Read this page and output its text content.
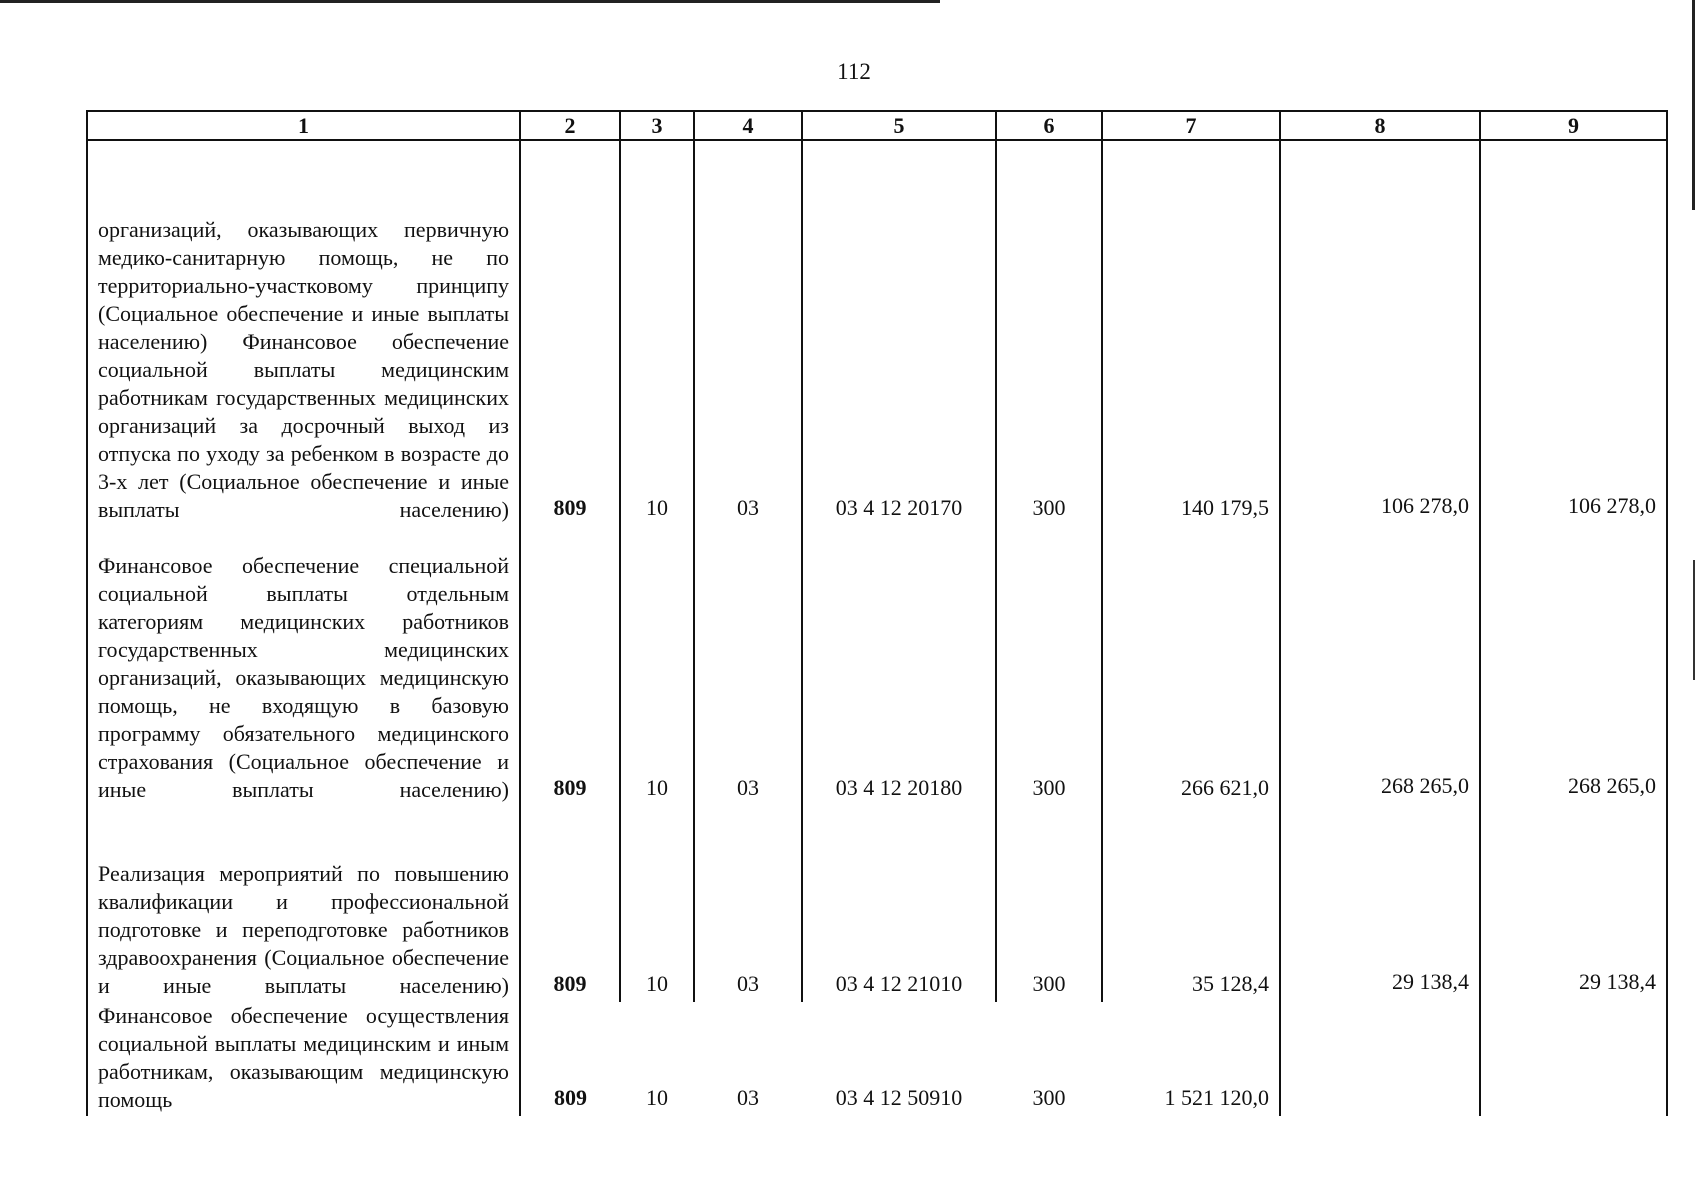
112
1	2	3	4	5	6	7	8	9
организаций, оказывающих первичную медико-санитарную помощь, не по территориально-участковому принципу (Социальное обеспечение и иные выплаты населению) Финансовое обеспечение социальной выплаты медицинским работникам государственных медицинских организаций за досрочный выход из отпуска по уходу за ребенком в возрасте до 3-х лет (Социальное обеспечение и иные выплаты населению)	809	10	03	03 4 12 20170	300	140 179,5	106 278,0	106 278,0
Финансовое обеспечение специальной социальной выплаты отдельным категориям медицинских работников государственных медицинских организаций, оказывающих медицинскую помощь, не входящую в базовую программу обязательного медицинского страхования (Социальное обеспечение и иные выплаты населению)	809	10	03	03 4 12 20180	300	266 621,0	268 265,0	268 265,0
Реализация мероприятий по повышению квалификации и профессиональной подготовке и переподготовке работников здравоохранения (Социальное обеспечение и иные выплаты населению)	809	10	03	03 4 12 21010	300	35 128,4	29 138,4	29 138,4
Финансовое обеспечение осуществления социальной выплаты медицинским и иным работникам, оказывающим медицинскую помощь	809	10	03	03 4 12 50910	300	1 521 120,0		
